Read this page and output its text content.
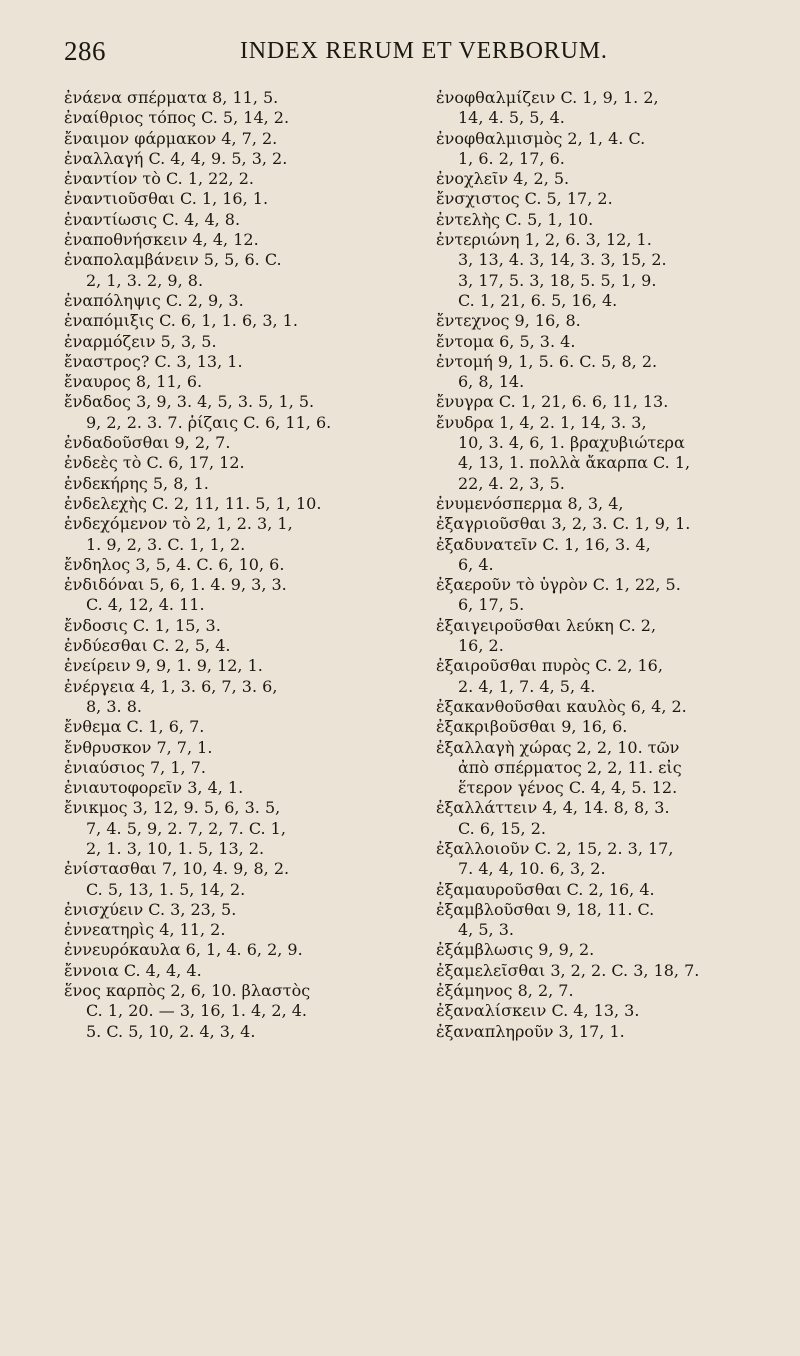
286	INDEX RERUM ET VERBORUM.
ἐνάενα σπέρματα 8, 11, 5.
ἐναίθριος τόπος C. 5, 14, 2.
ἔναιμον φάρμακον 4, 7, 2.
ἐναλλαγή C. 4, 4, 9. 5, 3, 2.
ἐναντίον τὸ C. 1, 22, 2.
ἐναντιοῦσθαι C. 1, 16, 1.
ἐναντίωσις C. 4, 4, 8.
ἐναποθνήσκειν 4, 4, 12.
ἐναπολαμβάνειν 5, 5, 6. C.
2, 1, 3. 2, 9, 8.
ἐναπόληψις C. 2, 9, 3.
ἐναπόμιξις C. 6, 1, 1. 6, 3, 1.
ἐναρμόζειν 5, 3, 5.
ἔναστρος? C. 3, 13, 1.
ἔναυρος 8, 11, 6.
ἔνδαδος 3, 9, 3. 4, 5, 3. 5, 1, 5.
9, 2, 2. 3. 7. ῥίζαις C. 6, 11, 6.
ἐνδαδοῦσθαι 9, 2, 7.
ἐνδεὲς τὸ C. 6, 17, 12.
ἐνδεκήρης 5, 8, 1.
ἐνδελεχὴς C. 2, 11, 11. 5, 1, 10.
ἐνδεχόμενον τὸ 2, 1, 2. 3, 1,
1. 9, 2, 3. C. 1, 1, 2.
ἔνδηλος 3, 5, 4. C. 6, 10, 6.
ἐνδιδόναι 5, 6, 1. 4. 9, 3, 3.
C. 4, 12, 4. 11.
ἔνδοσις C. 1, 15, 3.
ἐνδύεσθαι C. 2, 5, 4.
ἐνείρειν 9, 9, 1. 9, 12, 1.
ἐνέργεια 4, 1, 3. 6, 7, 3. 6,
8, 3. 8.
ἔνθεμα C. 1, 6, 7.
ἔνθρυσκον 7, 7, 1.
ἐνιαύσιος 7, 1, 7.
ἐνιαυτοφορεῖν 3, 4, 1.
ἔνικμος 3, 12, 9. 5, 6, 3. 5,
7, 4. 5, 9, 2. 7, 2, 7. C. 1,
2, 1. 3, 10, 1. 5, 13, 2.
ἐνίστασθαι 7, 10, 4. 9, 8, 2.
C. 5, 13, 1. 5, 14, 2.
ἐνισχύειν C. 3, 23, 5.
ἐννεατηρὶς 4, 11, 2.
ἐννευρόκαυλα 6, 1, 4. 6, 2, 9.
ἔννοια C. 4, 4, 4.
ἕνος καρπὸς 2, 6, 10. βλαστὸς
C. 1, 20. — 3, 16, 1. 4, 2, 4.
5. C. 5, 10, 2. 4, 3, 4.
ἐνοφθαλμίζειν C. 1, 9, 1. 2,
14, 4. 5, 5, 4.
ἐνοφθαλμισμὸς 2, 1, 4. C.
1, 6. 2, 17, 6.
ἐνοχλεῖν 4, 2, 5.
ἔνσχιστος C. 5, 17, 2.
ἐντελὴς C. 5, 1, 10.
ἐντεριώνη 1, 2, 6. 3, 12, 1.
3, 13, 4. 3, 14, 3. 3, 15, 2.
3, 17, 5. 3, 18, 5. 5, 1, 9.
C. 1, 21, 6. 5, 16, 4.
ἔντεχνος 9, 16, 8.
ἔντομα 6, 5, 3. 4.
ἐντομή 9, 1, 5. 6. C. 5, 8, 2.
6, 8, 14.
ἔνυγρα C. 1, 21, 6. 6, 11, 13.
ἔνυδρα 1, 4, 2. 1, 14, 3. 3,
10, 3. 4, 6, 1. βραχυβιώτερα
4, 13, 1. πολλὰ ἄκαρπα C. 1,
22, 4. 2, 3, 5.
ἐνυμενόσπερμα 8, 3, 4,
ἐξαγριοῦσθαι 3, 2, 3. C. 1, 9, 1.
ἐξαδυνατεῖν C. 1, 16, 3. 4,
6, 4.
ἐξαεροῦν τὸ ὑγρὸν C. 1, 22, 5.
6, 17, 5.
ἐξαιγειροῦσθαι λεύκη C. 2,
16, 2.
ἐξαιροῦσθαι πυρὸς C. 2, 16,
2. 4, 1, 7. 4, 5, 4.
ἐξακανθοῦσθαι καυλὸς 6, 4, 2.
ἐξακριβοῦσθαι 9, 16, 6.
ἐξαλλαγὴ χώρας 2, 2, 10. τῶν
ἀπὸ σπέρματος 2, 2, 11. εἰς
ἕτερον γένος C. 4, 4, 5. 12.
ἐξαλλάττειν 4, 4, 14. 8, 8, 3.
C. 6, 15, 2.
ἐξαλλοιοῦν C. 2, 15, 2. 3, 17,
7. 4, 4, 10. 6, 3, 2.
ἐξαμαυροῦσθαι C. 2, 16, 4.
ἐξαμβλοῦσθαι 9, 18, 11. C.
4, 5, 3.
ἐξάμβλωσις 9, 9, 2.
ἐξαμελεῖσθαι 3, 2, 2. C. 3, 18, 7.
ἐξάμηνος 8, 2, 7.
ἐξαναλίσκειν C. 4, 13, 3.
ἐξαναπληροῦν 3, 17, 1.
